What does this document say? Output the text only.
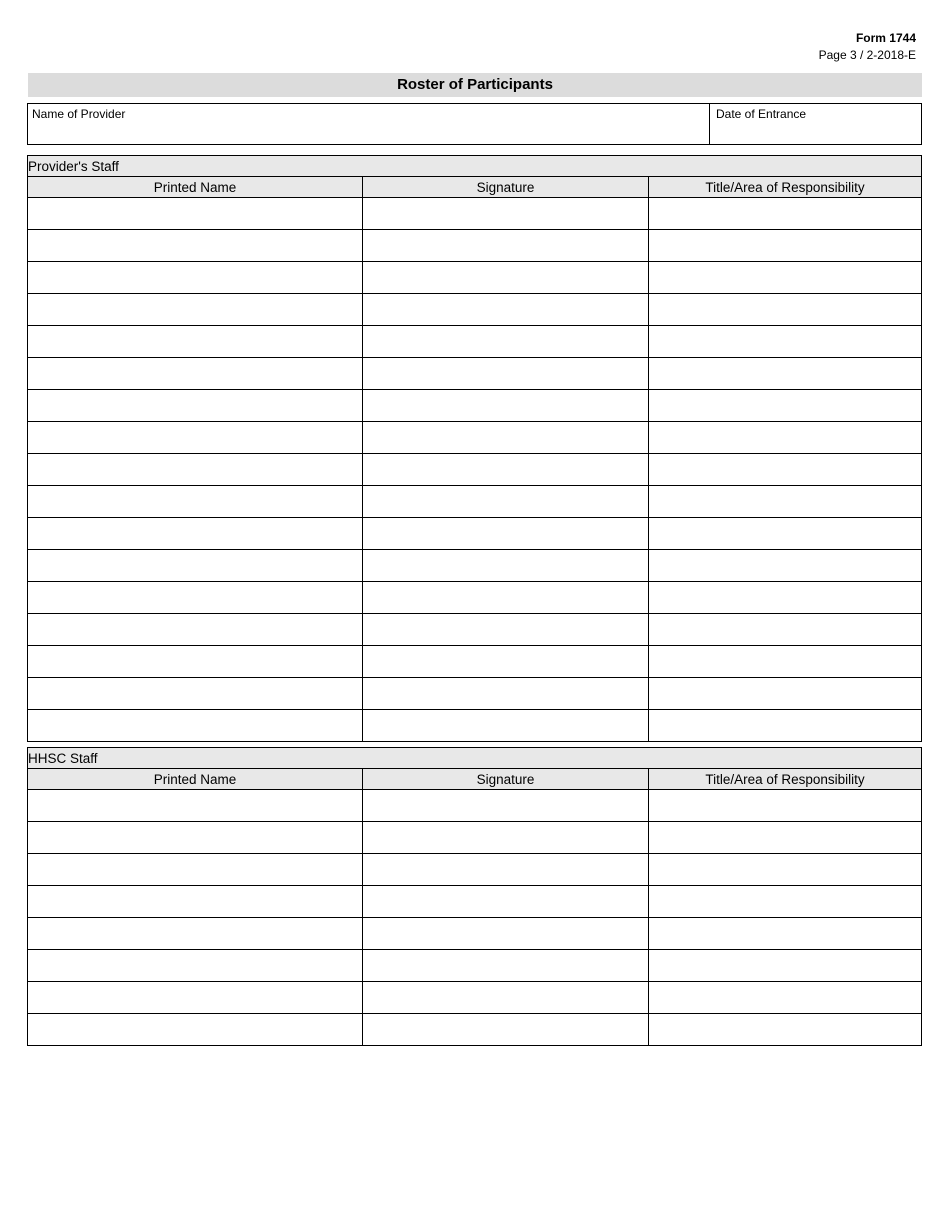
Form 1744
Page 3 / 2-2018-E
Roster of Participants
Name of Provider	Date of Entrance
Provider's Staff		
Printed Name	Signature	Title/Area of Responsibility

HHSC Staff		
Printed Name	Signature	Title/Area of Responsibility
